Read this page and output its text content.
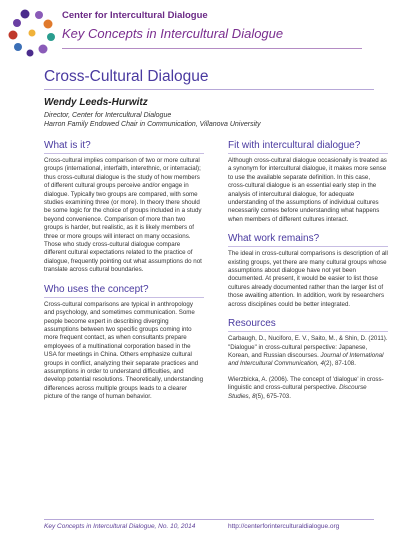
Center for Intercultural Dialogue
Key Concepts in Intercultural Dialogue
Cross-Cultural Dialogue
Wendy Leeds-Hurwitz
Director, Center for Intercultural Dialogue
Harron Family Endowed Chair in Communication, Villanova University
What is it?

Cross-cultural implies comparison of two or more cultural groups (international, interfaith, interethnic, or interracial); thus cross-cultural dialogue is the study of how members of different cultural groups perceive and/or engage in dialogue. Typically two groups are compared, with some studies examining three (or more). In theory there should be some logic for the choice of groups included in a study beyond convenience. Comparison of more than two groups is harder, but realistic, as it is likely members of three or more groups will interact on many occasions. Those who study cross-cultural dialogue compare different cultural expectations related to the practice of dialogue, frequently pointing out what assumptions do not translate across cultural boundaries.

Who uses the concept?

Cross-cultural comparisons are typical in anthropology and psychology, and sometimes communication. Some people become expert in describing diverging assumptions between two specific groups coming into more frequent contact, as when consultants prepare employees of a multinational corporation based in the USA for meetings in China. Others emphasize cultural groups in conflict, analyzing their separate practices and assumptions in order to understand difficulties, and develop potential resolutions. Theoretically, understanding differences across multiple groups leads to a clearer picture of the range of human behavior.

Fit with intercultural dialogue?

Although cross-cultural dialogue occasionally is treated as a synonym for intercultural dialogue, it makes more sense to use the available separate definition. In this case, cross-cultural dialogue is an essential early step in the analysis of intercultural dialogue, for adequate understanding of the assumptions of individual cultures necessarily comes before understanding what happens when members of different cultures interact.

What work remains?

The ideal in cross-cultural comparisons is description of all existing groups, yet there are many cultural groups whose assumptions about dialogue have not yet been documented. At present, it would be easier to list those cultures already documented rather than the larger list of those awaiting attention. In addition, work by researchers across disciplines could be better integrated.

Resources
Carbaugh, D., Nuciforo, E. V., Saito, M., & Shin, D. (2011). "Dialogue" in cross-cultural perspective: Japanese, Korean, and Russian discourses. Journal of International and Intercultural Communication, 4(2), 87-108.
Wierzbicka, A. (2006). The concept of 'dialogue' in cross-linguistic and cross-cultural perspective. Discourse Studies, 8(5), 675-703.
Key Concepts in Intercultural Dialogue, No. 10, 2014	http://centerforinterculturaldialogue.org
